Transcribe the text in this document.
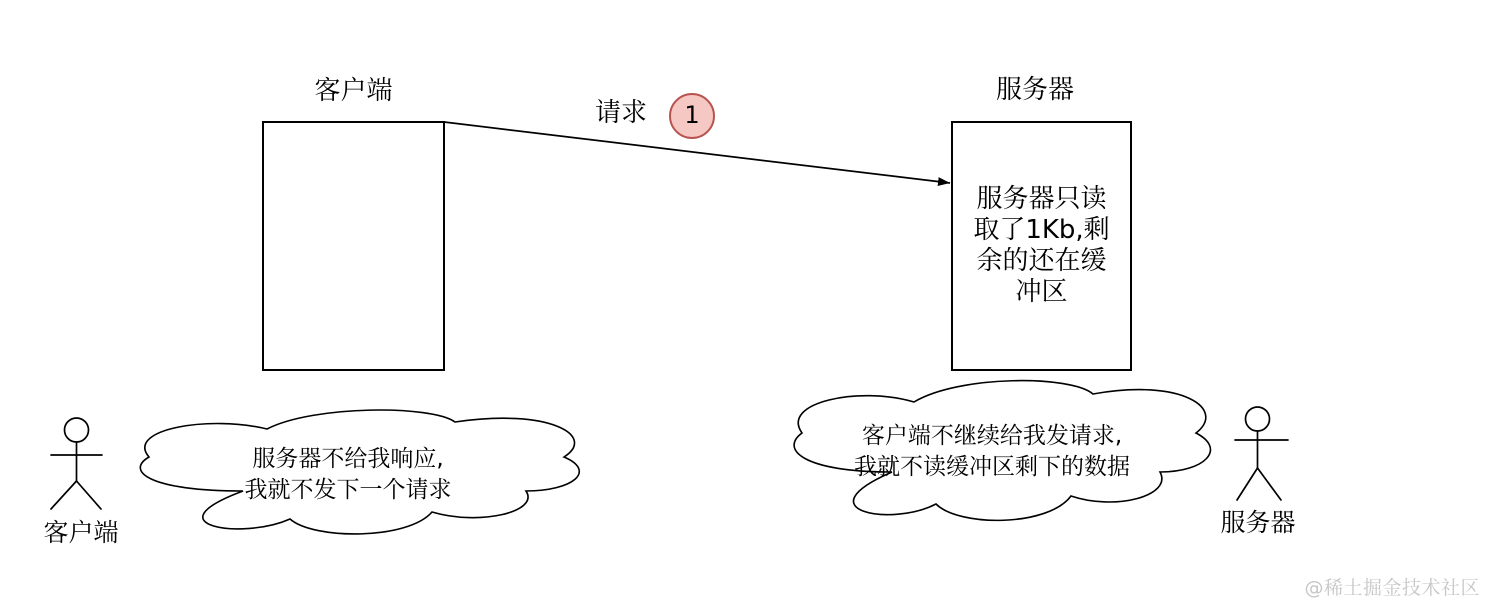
客户端	服务器
请求	1
服务器只读
取了1Kb,剩
余的还在缓
冲区
服务器不给我响应,
我就不发下一个请求
客户端不继续给我发请求,
我就不读缓冲区剩下的数据
客户端	服务器
@稀土掘金技术社区
